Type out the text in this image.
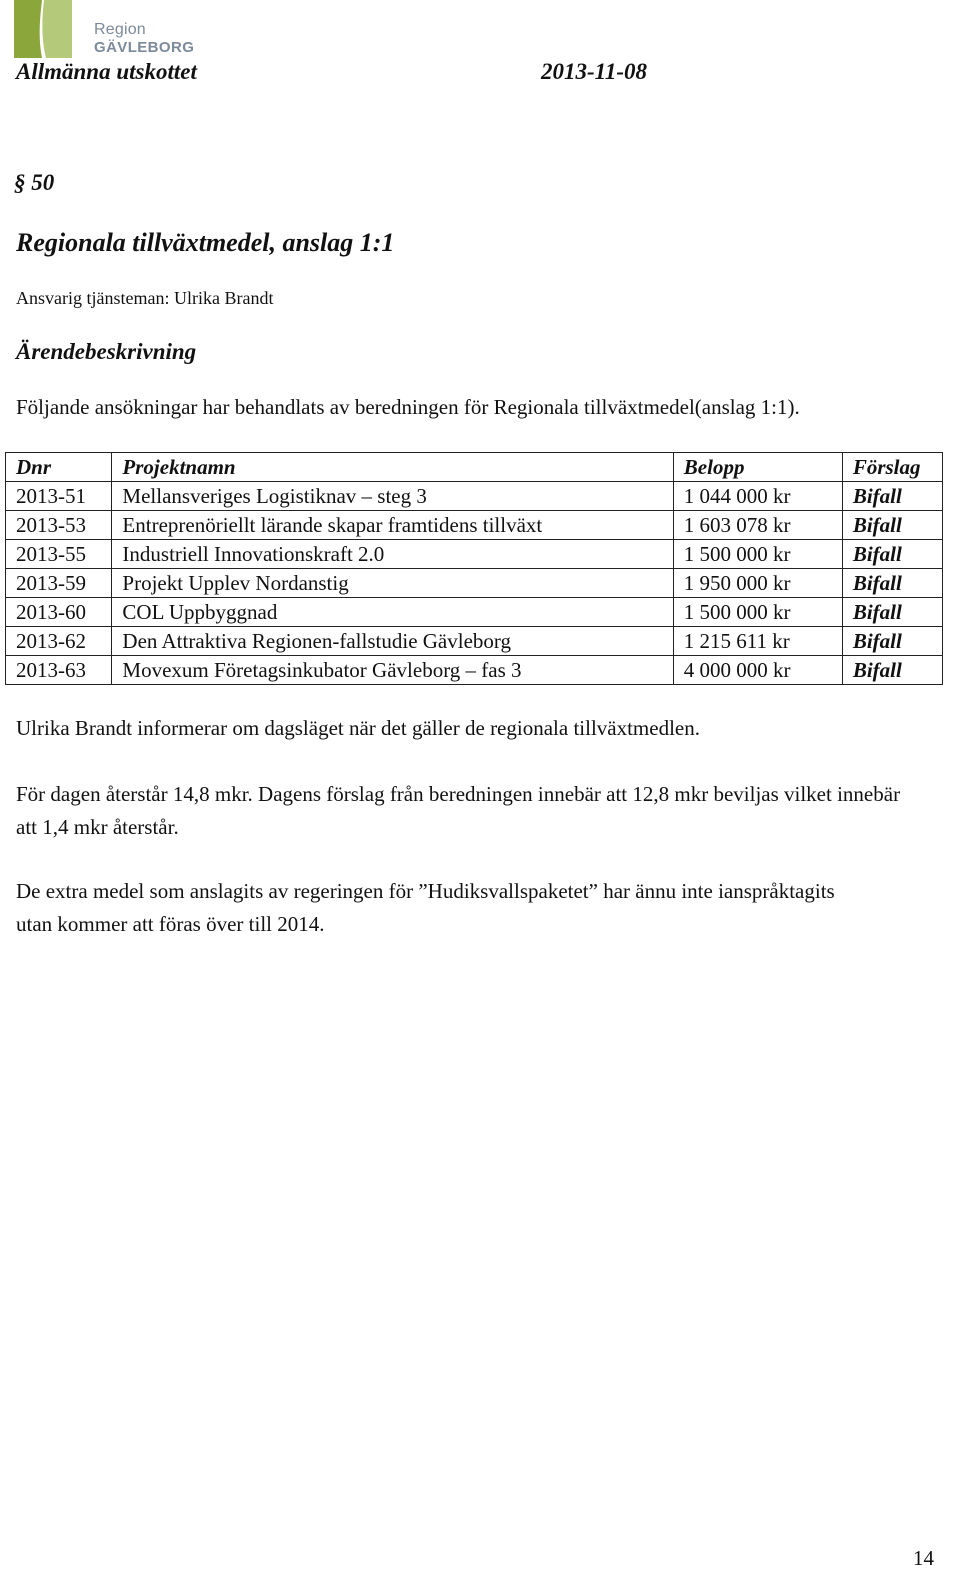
Region
GÄVLEBORG
Allmänna utskottet	2013-11-08
§ 50
Regionala tillväxtmedel, anslag 1:1
Ansvarig tjänsteman: Ulrika Brandt
Ärendebeskrivning
Följande ansökningar har behandlats av beredningen för Regionala tillväxtmedel(anslag 1:1).
Dnr	Projektnamn	Belopp	Förslag
2013-51	Mellansveriges Logistiknav – steg 3	1 044 000 kr	Bifall
2013-53	Entreprenöriellt lärande skapar framtidens tillväxt	1 603 078 kr	Bifall
2013-55	Industriell Innovationskraft 2.0	1 500 000 kr	Bifall
2013-59	Projekt Upplev Nordanstig	1 950 000 kr	Bifall
2013-60	COL Uppbyggnad	1 500 000 kr	Bifall
2013-62	Den Attraktiva Regionen-fallstudie Gävleborg	1 215 611 kr	Bifall
2013-63	Movexum Företagsinkubator Gävleborg – fas 3	4 000 000 kr	Bifall
Ulrika Brandt informerar om dagsläget när det gäller de regionala tillväxtmedlen.
För dagen återstår 14,8 mkr. Dagens förslag från beredningen innebär att 12,8 mkr beviljas vilket innebär att 1,4 mkr återstår.
De extra medel som anslagits av regeringen för ”Hudiksvallspaketet” har ännu inte ianspråktagits utan kommer att föras över till 2014.
14
